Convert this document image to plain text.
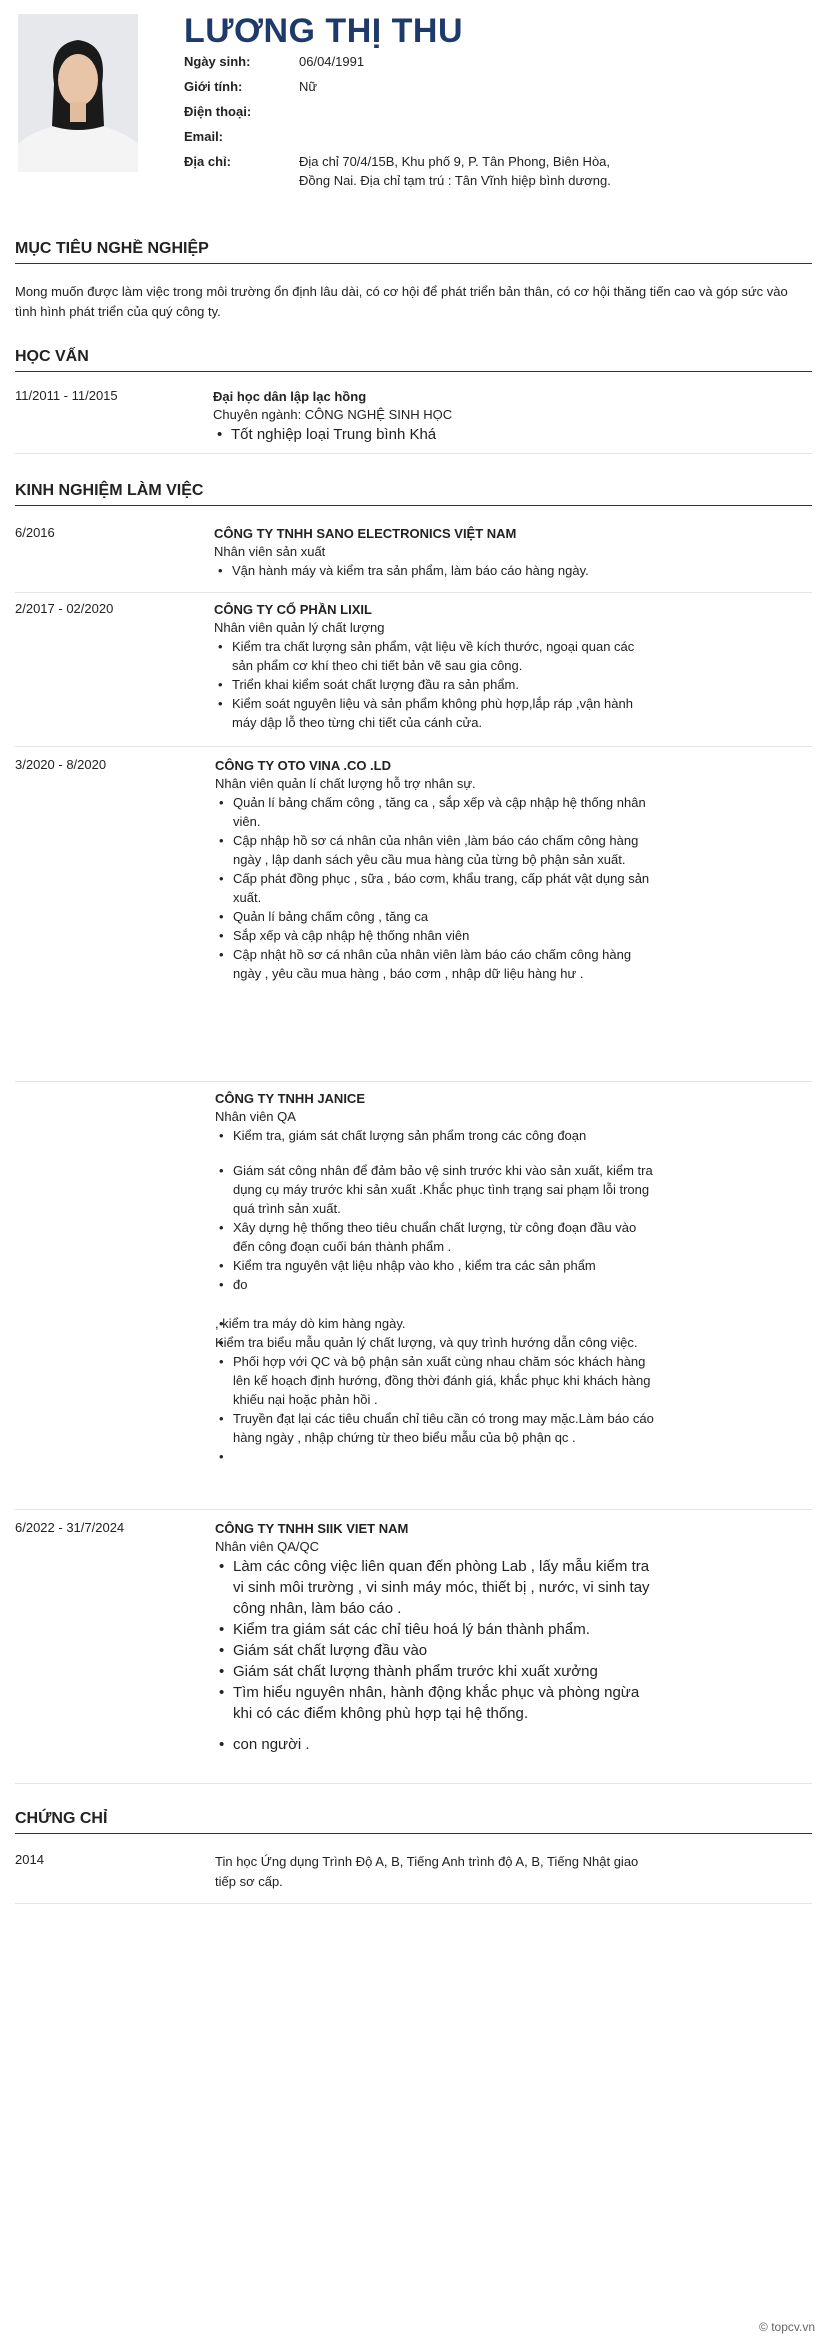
LƯƠNG THỊ THU
Ngày sinh:	06/04/1991
Giới tính:	Nữ
Điện thoại:
Email:
Địa chỉ:	Địa chỉ 70/4/15B, Khu phố 9, P. Tân Phong, Biên Hòa, Đồng Nai. Địa chỉ tạm trú : Tân Vĩnh hiệp bình dương.
MỤC TIÊU NGHỀ NGHIỆP
Mong muốn được làm việc trong môi trường ổn định lâu dài, có cơ hội để phát triển bản thân, có cơ hội thăng tiến cao và góp sức vào tình hình phát triển của quý công ty.
HỌC VẤN
11/2011 - 11/2015	Đại học dân lập lạc hồng
Chuyên ngành: CÔNG NGHỆ SINH HỌC
• Tốt nghiệp loại Trung bình Khá
KINH NGHIỆM LÀM VIỆC
6/2016	CÔNG TY TNHH SANO ELECTRONICS VIỆT NAM
Nhân viên sản xuất
• Vận hành máy và kiểm tra sản phẩm, làm báo cáo hàng ngày.
2/2017 - 02/2020	CÔNG TY CỔ PHẦN LIXIL
Nhân viên quản lý chất lượng
• Kiểm tra chất lượng sản phẩm, vật liệu về kích thước, ngoại quan các sản phẩm cơ khí theo chi tiết bản vẽ sau gia công.
• Triển khai kiểm soát chất lượng đầu ra sản phẩm.
• Kiểm soát nguyên liệu và sản phẩm không phù hợp,lắp ráp ,vận hành máy dập lỗ theo từng chi tiết của cánh cửa.
3/2020 - 8/2020	CÔNG TY OTO VINA .CO .LD
Nhân viên quản lí chất lượng hỗ trợ nhân sự.
• Quản lí bảng chấm công , tăng ca , sắp xếp và cập nhập hệ thống nhân viên.
• Cập nhập hồ sơ cá nhân của nhân viên ,làm báo cáo chấm công hàng ngày , lập danh sách yêu cầu mua hàng của từng bộ phận sản xuất.
• Cấp phát đồng phục , sữa , báo cơm, khẩu trang, cấp phát vật dụng sản xuất.
• Quản lí bảng chấm công , tăng ca
• Sắp xếp và cập nhập hệ thống nhân viên
• Cập nhật hồ sơ cá nhân của nhân viên làm báo cáo chấm công hàng ngày , yêu cầu mua hàng , báo cơm , nhập dữ liệu hàng hư .
CÔNG TY TNHH JANICE
Nhân viên QA
• Kiểm tra, giám sát chất lượng sản phẩm trong các công đoạn
• Giám sát công nhân để đảm bảo vệ sinh trước khi vào sản xuất, kiểm tra dụng cụ máy trước khi sản xuất .Khắc phục tình trạng sai phạm lỗi trong quá trình sản xuất.
• Xây dựng hệ thống theo tiêu chuẩn chất lượng, từ công đoạn đầu vào đến công đoạn cuối bán thành phẩm .
• Kiểm tra nguyên vật liệu nhập vào kho , kiểm tra các sản phẩm
• đo
• , kiểm tra máy dò kim hàng ngày.
• Kiểm tra biểu mẫu quản lý chất lượng, và quy trình hướng dẫn công việc.
• Phối hợp với QC và bộ phận sản xuất cùng nhau chăm sóc khách hàng lên kế hoạch định hướng, đồng thời đánh giá, khắc phục khi khách hàng khiếu nại hoặc phản hồi .
• Truyền đạt lại các tiêu chuẩn chỉ tiêu cần có trong may mặc.Làm báo cáo hàng ngày , nhập chứng từ theo biểu mẫu của bộ phận qc .
6/2022 - 31/7/2024	CÔNG TY TNHH SIIK VIET NAM
Nhân viên QA/QC
• Làm các công việc liên quan đến phòng Lab , lấy mẫu kiểm tra vi sinh môi trường , vi sinh máy móc, thiết bị , nước, vi sinh tay công nhân, làm báo cáo .
• Kiểm tra giám sát các chỉ tiêu hoá lý bán thành phẩm.
• Giám sát chất lượng đầu vào
• Giám sát chất lượng thành phẩm trước khi xuất xưởng
• Tìm hiểu nguyên nhân, hành động khắc phục và phòng ngừa khi có các điểm không phù hợp tại hệ thống.
• con người .
CHỨNG CHỈ
2014	Tin học Ứng dụng Trình Độ A, B, Tiếng Anh trình độ A, B, Tiếng Nhật giao tiếp sơ cấp.
© topcv.vn
